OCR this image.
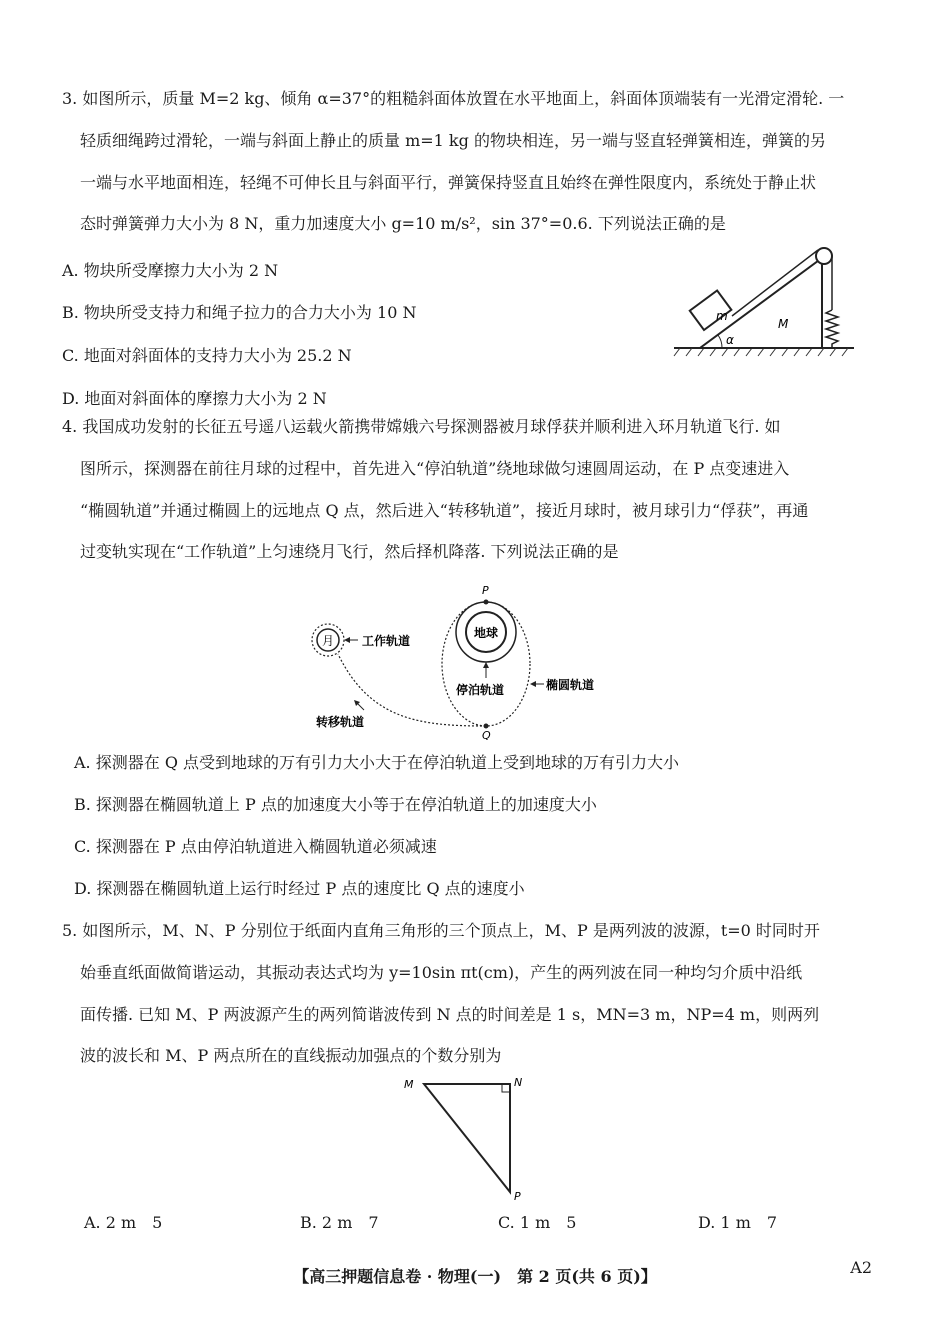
3. 如图所示，质量 M=2 kg、倾角 α=37°的粗糙斜面体放置在水平地面上，斜面体顶端装有一光滑定滑轮. 一
轻质细绳跨过滑轮，一端与斜面上静止的质量 m=1 kg 的物块相连，另一端与竖直轻弹簧相连，弹簧的另
一端与水平地面相连，轻绳不可伸长且与斜面平行，弹簧保持竖直且始终在弹性限度内，系统处于静止状
态时弹簧弹力大小为 8 N，重力加速度大小 g=10 m/s²，sin 37°=0.6. 下列说法正确的是
A. 物块所受摩擦力大小为 2 N
B. 物块所受支持力和绳子拉力的合力大小为 10 N
C. 地面对斜面体的支持力大小为 25.2 N
D. 地面对斜面体的摩擦力大小为 2 N
m
M
α
4. 我国成功发射的长征五号遥八运载火箭携带嫦娥六号探测器被月球俘获并顺利进入环月轨道飞行. 如
图所示，探测器在前往月球的过程中，首先进入“停泊轨道”绕地球做匀速圆周运动，在 P 点变速进入
“椭圆轨道”并通过椭圆上的远地点 Q 点，然后进入“转移轨道”，接近月球时，被月球引力“俘获”，再通
过变轨实现在“工作轨道”上匀速绕月飞行，然后择机降落. 下列说法正确的是
月 工作轨道
地球
P
Q
停泊轨道	椭圆轨道
转移轨道
A. 探测器在 Q 点受到地球的万有引力大小大于在停泊轨道上受到地球的万有引力大小
B. 探测器在椭圆轨道上 P 点的加速度大小等于在停泊轨道上的加速度大小
C. 探测器在 P 点由停泊轨道进入椭圆轨道必须减速
D. 探测器在椭圆轨道上运行时经过 P 点的速度比 Q 点的速度小
5. 如图所示，M、N、P 分别位于纸面内直角三角形的三个顶点上，M、P 是两列波的波源，t=0 时同时开
始垂直纸面做简谐运动，其振动表达式均为 y=10sin πt(cm)，产生的两列波在同一种均匀介质中沿纸
面传播. 已知 M、P 两波源产生的两列简谐波传到 N 点的时间差是 1 s，MN=3 m，NP=4 m，则两列
波的波长和 M、P 两点所在的直线振动加强点的个数分别为
M	N
P
A. 2 m　5	B. 2 m　7	C. 1 m　5	D. 1 m　7
【高三押题信息卷 · 物理(一)　第 2 页(共 6 页)】	A2
